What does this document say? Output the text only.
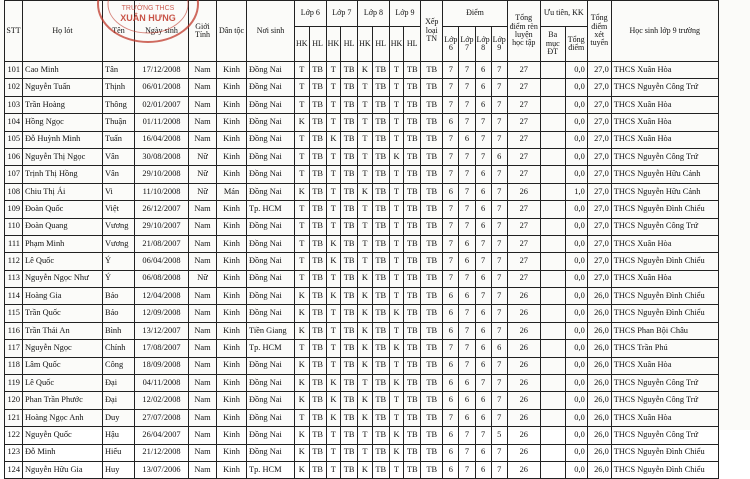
STT	Họ lót	Tên	Ngày sinh	Giới Tính	Dân tộc	Nơi sinh	Lớp 6		Lớp 7		Lớp 8		Lớp 9		Xếp loại TN	Điểm				Tổng điểm rèn luyện học tập	Ưu tiên, KK		Tổng điểm xét tuyển	Học sinh lớp 9 trường
							HK	HL	HK	HL	HK	HL	HK	HL		Lớp 6	Lớp 7	Lớp 8	Lớp 9		Ba mục ĐT	Tổng điểm		
101	Cao Minh	Tân	17/12/2008	Nam	Kinh	Đồng Nai	T	TB	T	TB	K	TB	T	TB	TB	7	7	6	7	27		0,0	27,0	THCS Xuân Hòa
102	Nguyễn Tuấn	Thịnh	06/01/2008	Nam	Kinh	Đồng Nai	T	TB	T	TB	T	TB	T	TB	TB	7	7	6	7	27		0,0	27,0	THCS Nguyễn Công Trứ
103	Trần Hoàng	Thông	02/01/2007	Nam	Kinh	Đồng Nai	T	TB	T	TB	T	TB	T	TB	TB	7	7	6	7	27		0,0	27,0	THCS Xuân Hòa
104	Hồng Ngọc	Thuận	01/11/2008	Nam	Kinh	Đồng Nai	K	TB	T	TB	T	TB	T	TB	TB	6	7	7	7	27		0,0	27,0	THCS Xuân Hòa
105	Đỗ Huỳnh Minh	Tuấn	16/04/2008	Nam	Kinh	Đồng Nai	T	TB	K	TB	T	TB	T	TB	TB	7	6	7	7	27		0,0	27,0	THCS Xuân Hòa
106	Nguyễn Thị Ngọc	Vân	30/08/2008	Nữ	Kinh	Đồng Nai	T	TB	T	TB	T	TB	K	TB	TB	7	7	7	6	27		0,0	27,0	THCS Nguyễn Công Trứ
107	Trịnh Thị Hồng	Vân	29/10/2008	Nữ	Kinh	Đồng Nai	T	TB	T	TB	T	TB	T	TB	TB	7	7	6	7	27		0,0	27,0	THCS Nguyễn Hữu Cảnh
108	Chiu Thị Ái	Vi	11/10/2008	Nữ	Mán	Đồng Nai	K	TB	T	TB	K	TB	T	TB	TB	6	7	6	7	26		1,0	27,0	THCS Nguyễn Hữu Cảnh
109	Đoàn Quốc	Việt	26/12/2007	Nam	Kinh	Tp. HCM	T	TB	T	TB	T	TB	T	TB	TB	7	7	6	7	27		0,0	27,0	THCS Nguyễn Đình Chiểu
110	Đoàn Quang	Vương	29/10/2007	Nam	Kinh	Đồng Nai	T	TB	T	TB	T	TB	T	TB	TB	7	7	6	7	27		0,0	27,0	THCS Nguyễn Công Trứ
111	Phạm Minh	Vương	21/08/2007	Nam	Kinh	Đồng Nai	T	TB	K	TB	T	TB	T	TB	TB	7	6	7	7	27		0,0	27,0	THCS Xuân Hòa
112	Lê Quốc	Ý	06/04/2008	Nam	Kinh	Đồng Nai	T	TB	K	TB	T	TB	T	TB	TB	7	6	7	7	27		0,0	27,0	THCS Nguyễn Đình Chiểu
113	Nguyễn Ngọc Như	Ý	06/08/2008	Nữ	Kinh	Đồng Nai	T	TB	T	TB	K	TB	T	TB	TB	7	7	6	7	27		0,0	27,0	THCS Xuân Hòa
114	Hoàng Gia	Bảo	12/04/2008	Nam	Kinh	Đồng Nai	K	TB	K	TB	K	TB	T	TB	TB	6	6	7	7	26		0,0	26,0	THCS Nguyễn Đình Chiểu
115	Trần Quốc	Bảo	12/09/2008	Nam	Kinh	Đồng Nai	K	TB	T	TB	K	TB	K	TB	TB	6	7	6	7	26		0,0	26,0	THCS Nguyễn Đình Chiểu
116	Trần Thái An	Bình	13/12/2007	Nam	Kinh	Tiền Giang	K	TB	T	TB	K	TB	T	TB	TB	6	7	6	7	26		0,0	26,0	THCS Phan Bội Châu
117	Nguyễn Ngọc	Chính	17/08/2007	Nam	Kinh	Tp. HCM	T	TB	T	TB	K	TB	K	TB	TB	7	7	6	6	26		0,0	26,0	THCS Trần Phú
118	Lâm Quốc	Công	18/09/2008	Nam	Kinh	Đồng Nai	K	TB	T	TB	K	TB	T	TB	TB	6	7	6	7	26		0,0	26,0	THCS Xuân Hòa
119	Lê Quốc	Đại	04/11/2008	Nam	Kinh	Đồng Nai	K	TB	K	TB	T	TB	K	TB	TB	6	6	7	7	26		0,0	26,0	THCS Nguyễn Công Trứ
120	Phan Trần Phước	Đại	12/02/2008	Nam	Kinh	Đồng Nai	K	TB	K	TB	K	TB	T	TB	TB	6	6	6	7	26		0,0	26,0	THCS Nguyễn Công Trứ
121	Hoàng Ngọc Anh	Duy	27/07/2008	Nam	Kinh	Đồng Nai	T	TB	K	TB	K	TB	T	TB	TB	7	6	6	7	26		0,0	26,0	THCS Xuân Hòa
122	Nguyễn Quốc	Hậu	26/04/2007	Nam	Kinh	Đồng Nai	K	TB	T	TB	T	TB	K	TB	TB	6	7	7	5	26		0,0	26,0	THCS Nguyễn Công Trứ
123	Đỗ Minh	Hiếu	21/12/2008	Nam	Kinh	Đồng Nai	K	TB	T	TB	T	TB	K	TB	TB	6	7	6	7	26		0,0	26,0	THCS Nguyễn Đình Chiểu
124	Nguyễn Hữu Gia	Huy	13/07/2006	Nam	Kinh	Tp. HCM	K	TB	T	TB	K	TB	T	TB	TB	6	7	6	7	26		0,0	26,0	THCS Nguyễn Đình Chiểu
TRƯỜNG THCS
XUÂN HƯNG
